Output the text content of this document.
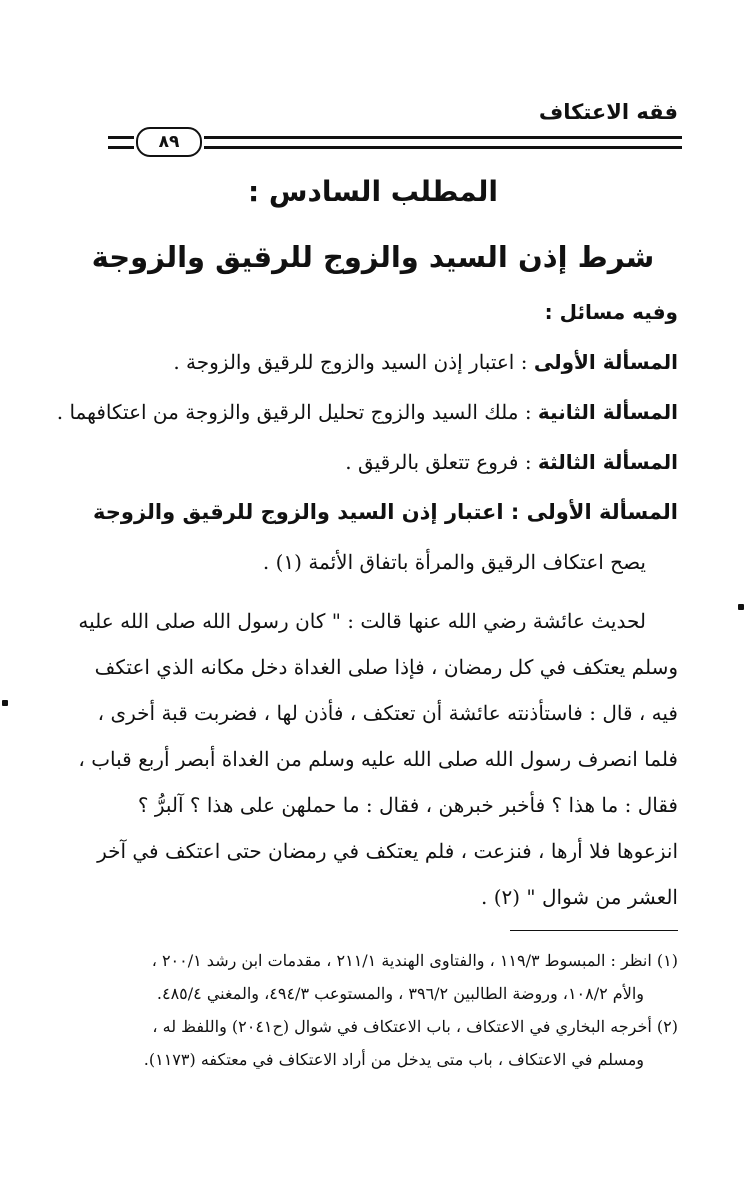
فقه الاعتكاف
٨٩
المطلب السادس :
شرط إذن السيد والزوج للرقيق والزوجة
وفيه مسائل :
المسألة الأولى : اعتبار إذن السيد والزوج للرقيق والزوجة .
المسألة الثانية : ملك السيد والزوج تحليل الرقيق والزوجة من اعتكافهما .
المسألة الثالثة : فروع تتعلق بالرقيق .
المسألة الأولى : اعتبار إذن السيد والزوج للرقيق والزوجة
يصح اعتكاف الرقيق والمرأة باتفاق الأئمة (١) .
لحديث عائشة رضي الله عنها قالت : " كان رسول الله صلى الله عليه
وسلم يعتكف في كل رمضان ، فإذا صلى الغداة دخل مكانه الذي اعتكف
فيه ، قال : فاستأذنته عائشة أن تعتكف ، فأذن لها ، فضربت قبة أخرى ،
فلما انصرف رسول الله صلى الله عليه وسلم من الغداة أبصر أربع قباب ،
فقال : ما هذا ؟ فأخبر خبرهن ، فقال : ما حملهن على هذا ؟ آلبرُّ ؟
انزعوها فلا أرها ، فنزعت ، فلم يعتكف في رمضان حتى اعتكف في آخر
العشر من شوال " (٢) .
(١) انظر : المبسوط ١١٩/٣ ، والفتاوى الهندية ٢١١/١ ، مقدمات ابن رشد ٢٠٠/١ ،
والأم ١٠٨/٢، وروضة الطالبين ٣٩٦/٢ ، والمستوعب ٤٩٤/٣، والمغني ٤٨٥/٤.
(٢) أخرجه البخاري في الاعتكاف ، باب الاعتكاف في شوال (ح٢٠٤١) واللفظ له ،
ومسلم في الاعتكاف ، باب متى يدخل من أراد الاعتكاف في معتكفه (١١٧٣).
